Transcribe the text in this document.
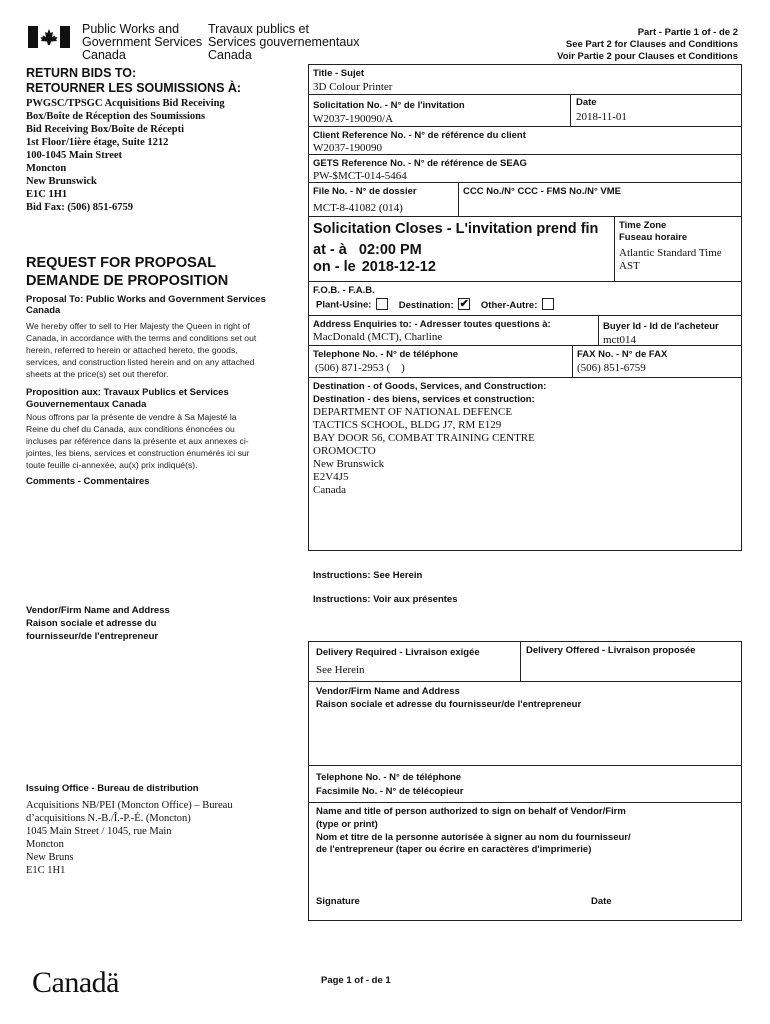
Public Works and
Government Services
Canada
Travaux publics et
Services gouvernementaux
Canada
Part - Partie 1 of - de 2
See Part 2 for Clauses and Conditions
Voir Partie 2 pour Clauses et Conditions
RETURN BIDS TO:
RETOURNER LES SOUMISSIONS À:
PWGSC/TPSGC Acquisitions Bid Receiving
Box/Boîte de Réception des Soumissions
Bid Receiving Box/Boîte de Récepti
1st Floor/1ière étage, Suite 1212
100-1045 Main Street
Moncton
New Brunswick
E1C 1H1
Bid Fax: (506) 851-6759
REQUEST FOR PROPOSAL
DEMANDE DE PROPOSITION
Proposal To: Public Works and Government Services Canada
We hereby offer to sell to Her Majesty the Queen in right of Canada, in accordance with the terms and conditions set out herein, referred to herein or attached hereto, the goods, services, and construction listed herein and on any attached sheets at the price(s) set out therefor.
Proposition aux: Travaux Publics et Services Gouvernementaux Canada
Nous offrons par la présente de vendre à Sa Majesté la Reine du chef du Canada, aux conditions énoncées ou incluses par référence dans la présente et aux annexes ci-jointes, les biens, services et construction énumérés ici sur toute feuille ci-annexée, au(x) prix indiqué(s).
Comments - Commentaires
Vendor/Firm Name and Address
Raison sociale et adresse du
fournisseur/de l'entrepreneur
Issuing Office - Bureau de distribution
Acquisitions NB/PEI (Moncton Office) – Bureau
d’acquisitions N.-B./Î.-P.-É. (Moncton)
1045 Main Street / 1045, rue Main
Moncton
New Bruns
E1C 1H1
Title - Sujet
3D Colour Printer
Solicitation No. - N° de l'invitation
W2037-190090/A
Date
2018-11-01
Client Reference No. - N° de référence du client
W2037-190090
GETS Reference No. - N° de référence de SEAG
PW-$MCT-014-5464
File No. - N° de dossier
MCT-8-41082 (014)
CCC No./N° CCC - FMS No./N° VME
Solicitation Closes - L'invitation prend fin
at - à 02:00 PM
on - le 2018-12-12
Time Zone
Fuseau horaire
Atlantic Standard Time
AST
F.O.B. - F.A.B.
Plant-Usine:	Destination: ✔ Other-Autre:
Address Enquiries to: - Adresser toutes questions à:
MacDonald (MCT), Charline
Buyer Id - Id de l'acheteur
mct014
Telephone No. - N° de téléphone
(506) 871-2953 (    )
FAX No. - N° de FAX
(506) 851-6759
Destination - of Goods, Services, and Construction:
Destination - des biens, services et construction:
DEPARTMENT OF NATIONAL DEFENCE
TACTICS SCHOOL, BLDG J7, RM E129
BAY DOOR 56, COMBAT TRAINING CENTRE
OROMOCTO
New Brunswick
E2V4J5
Canada
Instructions: See Herein
Instructions: Voir aux présentes
Delivery Required - Livraison exigée
See Herein
Delivery Offered - Livraison proposée
Vendor/Firm Name and Address
Raison sociale et adresse du fournisseur/de l'entrepreneur
Telephone No. - N° de téléphone
Facsimile No. - N° de télécopieur
Name and title of person authorized to sign on behalf of Vendor/Firm
(type or print)
Nom et titre de la personne autorisée à signer au nom du fournisseur/
de l'entrepreneur (taper ou écrire en caractères d'imprimerie)
Signature	Date
Canadä	Page 1 of - de 1
